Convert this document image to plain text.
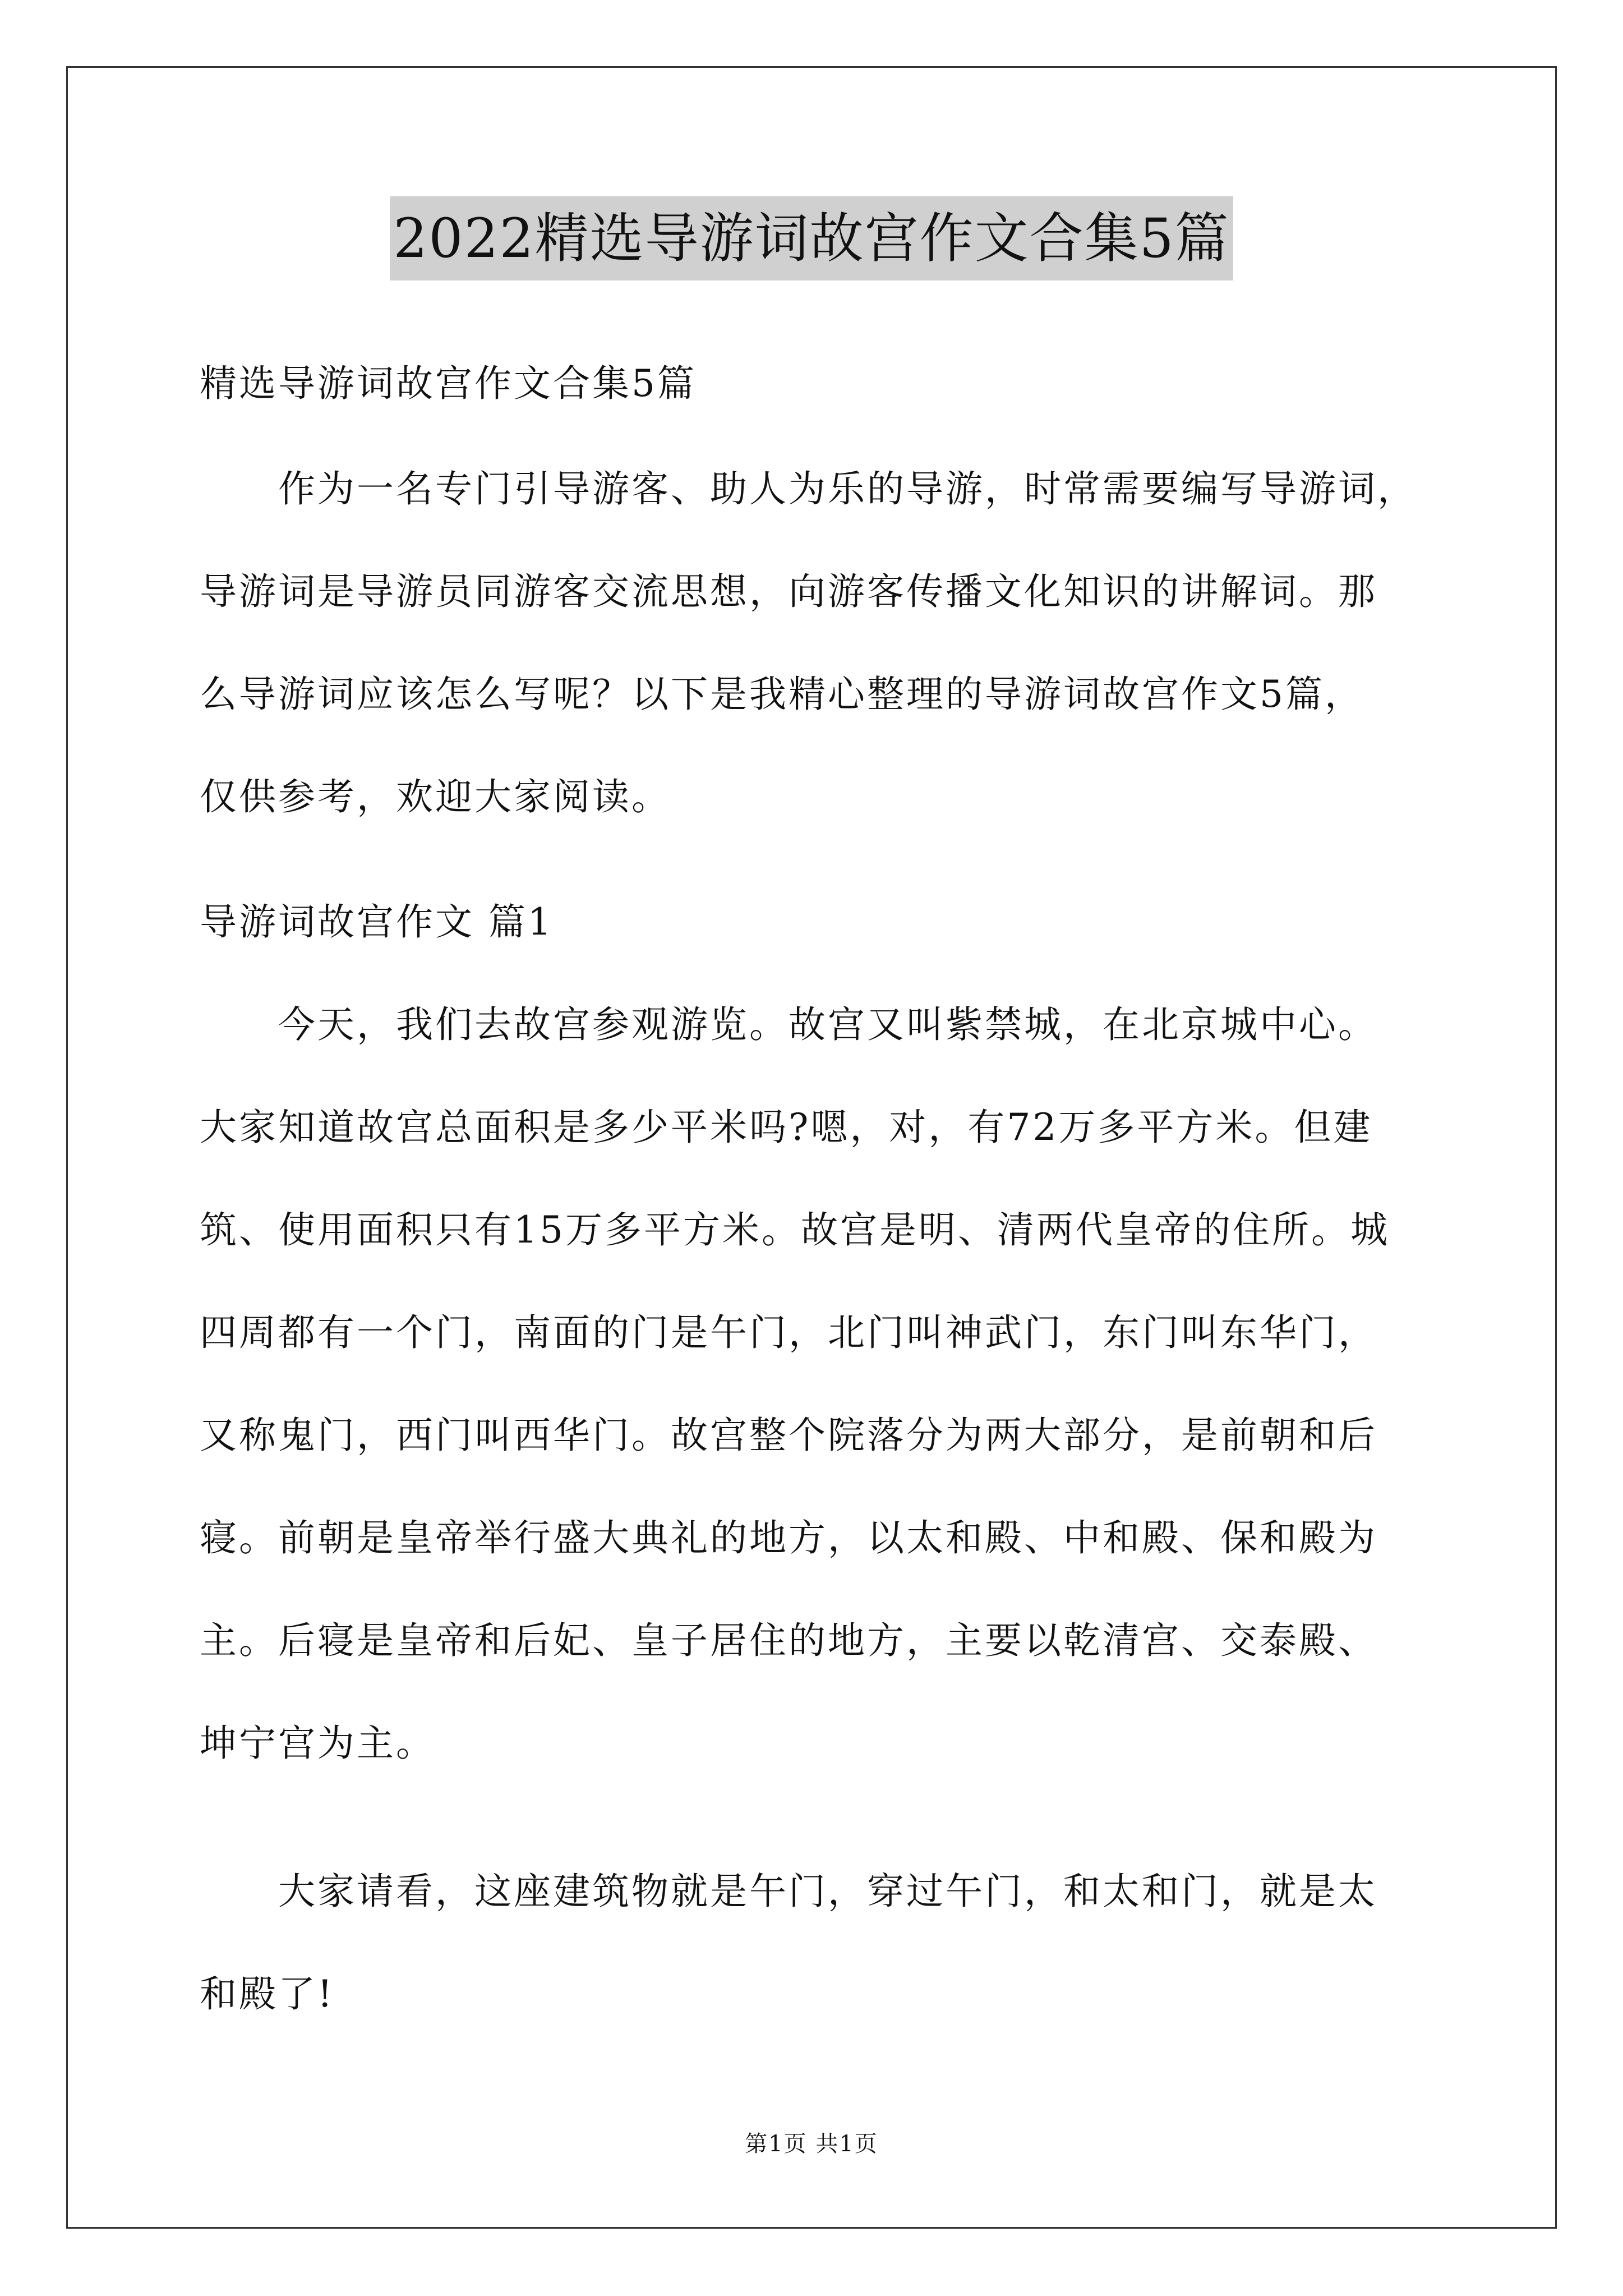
2022精选导游词故宫作文合集5篇
精选导游词故宫作文合集5篇
　　作为一名专门引导游客、助人为乐的导游，时常需要编写导游词，
导游词是导游员同游客交流思想，向游客传播文化知识的讲解词。那
么导游词应该怎么写呢？以下是我精心整理的导游词故宫作文5篇，
仅供参考，欢迎大家阅读。
导游词故宫作文 篇1
　　今天，我们去故宫参观游览。故宫又叫紫禁城，在北京城中心。
大家知道故宫总面积是多少平米吗?嗯，对，有72万多平方米。但建
筑、使用面积只有15万多平方米。故宫是明、清两代皇帝的住所。城
四周都有一个门，南面的门是午门，北门叫神武门，东门叫东华门，
又称鬼门，西门叫西华门。故宫整个院落分为两大部分，是前朝和后
寝。前朝是皇帝举行盛大典礼的地方，以太和殿、中和殿、保和殿为
主。后寝是皇帝和后妃、皇子居住的地方，主要以乾清宫、交泰殿、
坤宁宫为主。
　　大家请看，这座建筑物就是午门，穿过午门，和太和门，就是太
和殿了!
第1页 共1页
